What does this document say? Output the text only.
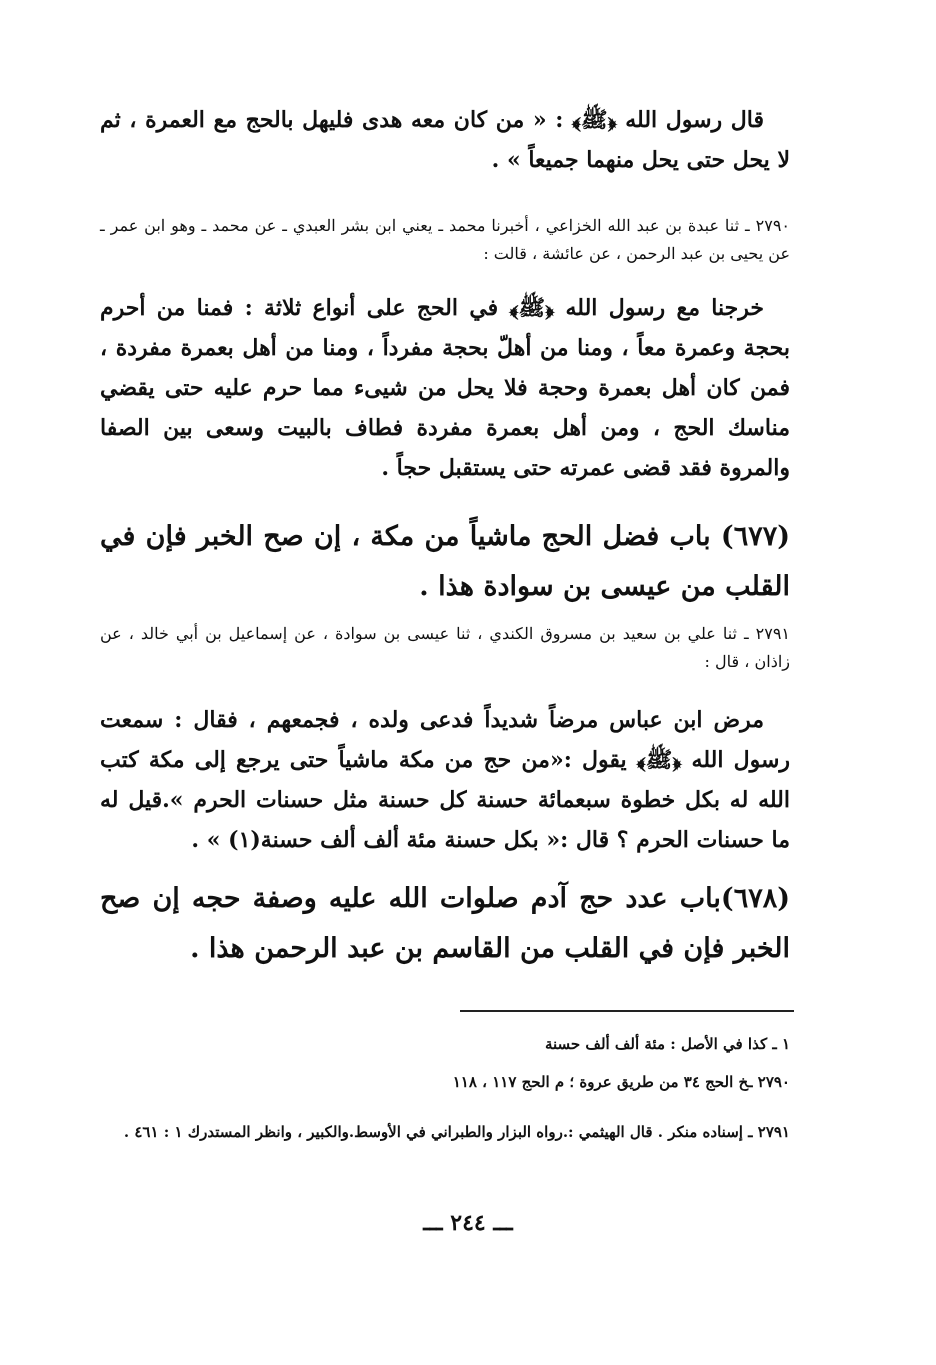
قال رسول الله ﴿ﷺ﴾ : « من كان معه هدى فليهل بالحج مع العمرة ، ثم لا يحل حتى يحل منهما جميعاً » .

٢٧٩٠ ـ ثنا عبدة بن عبد الله الخزاعي ، أخبرنا محمد ـ يعني ابن بشر العبدي ـ عن محمد ـ وهو ابن عمر ـ عن يحيى بن عبد الرحمن ، عن عائشة ، قالت :

خرجنا مع رسول الله ﴿ﷺ﴾ في الحج على أنواع ثلاثة : فمنا من أحرم بحجة وعمرة معاً ، ومنا من أهلّ بحجة مفرداً ، ومنا من أهل بعمرة مفردة ، فمن كان أهل بعمرة وحجة فلا يحل من شيىء مما حرم عليه حتى يقضي مناسك الحج ، ومن أهل بعمرة مفردة فطاف بالبيت وسعى بين الصفا والمروة فقد قضى عمرته حتى يستقبل حجاً .

(٦٧٧) باب فضل الحج ماشياً من مكة ، إن صح الخبر فإن في القلب من عيسى بن سوادة هذا .

٢٧٩١ ـ ثنا علي بن سعيد بن مسروق الكندي ، ثنا عيسى بن سوادة ، عن إسماعيل بن أبي خالد ، عن زاذان ، قال :

مرض ابن عباس مرضاً شديداً فدعى ولده ، فجمعهم ، فقال : سمعت رسول الله ﴿ﷺ﴾ يقول :«من حج من مكة ماشياً حتى يرجع إلى مكة كتب الله له بكل خطوة سبعمائة حسنة كل حسنة مثل حسنات الحرم ».قيل له ما حسنات الحرم ؟ قال :« بكل حسنة مئة ألف ألف حسنة(١) » .

(٦٧٨)باب عدد حج آدم صلوات الله عليه وصفة حجه إن صح الخبر فإن في القلب من القاسم بن عبد الرحمن هذا .

١ ـ كذا في الأصل : مئة ألف ألف حسنة

٢٧٩٠ ـخ الحج ٣٤ من طريق عروة ؛ م الحج ١١٧ ، ١١٨

٢٧٩١ ـ إسناده منكر . قال الهيثمي :.رواه البزار والطبراني في الأوسط.والكبير ، وانظر المستدرك ١ : ٤٦١ .

ـــ ٢٤٤ ـــ
